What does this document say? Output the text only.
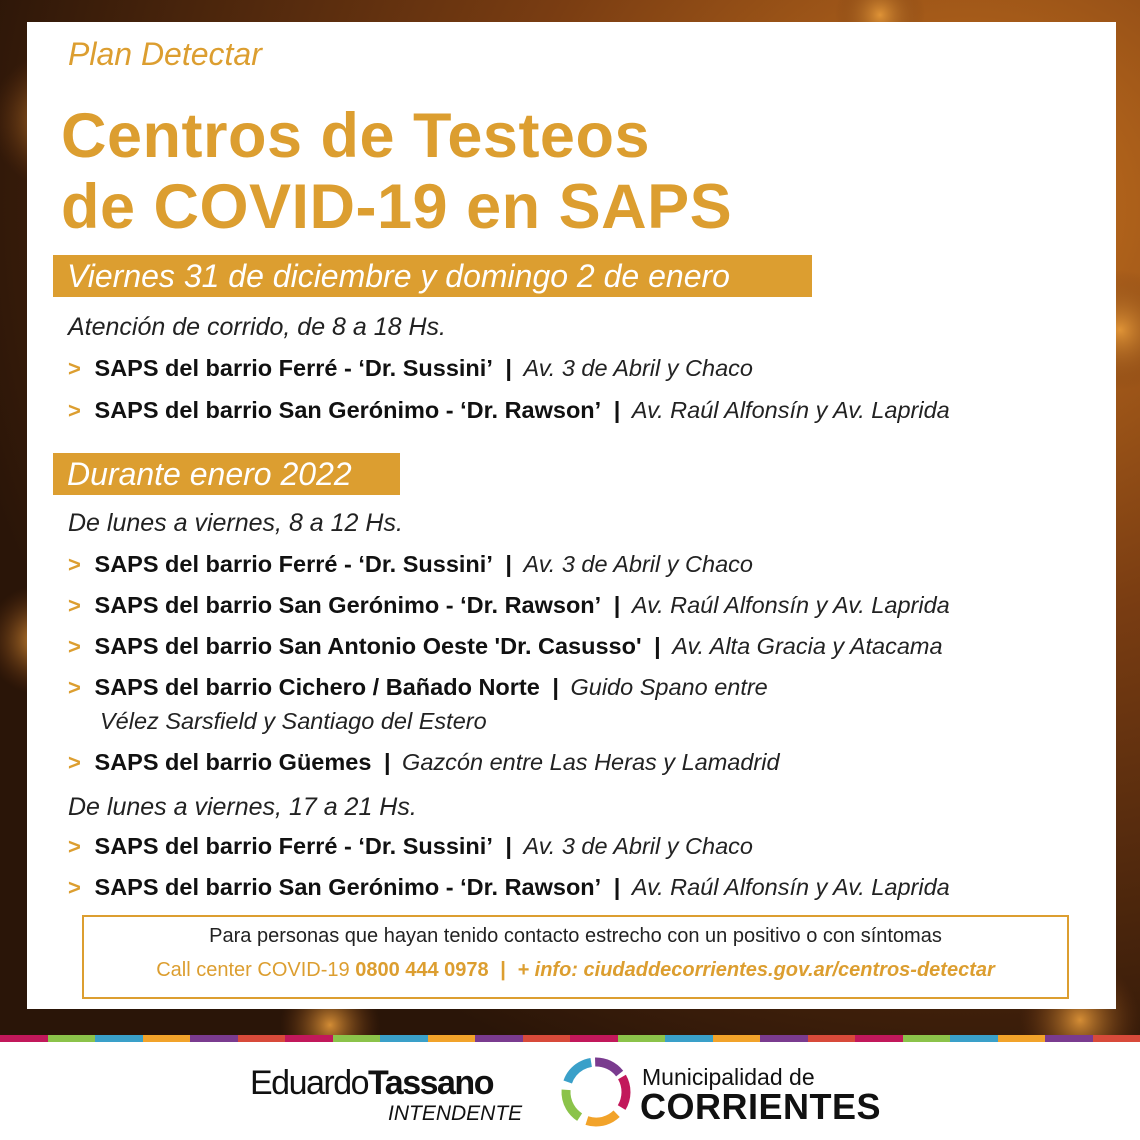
Plan Detectar
Centros de Testeos
de COVID-19 en SAPS
Viernes 31 de diciembre y domingo 2 de enero
Atención de corrido, de 8 a 18 Hs.
> SAPS del barrio Ferré - ‘Dr. Sussini’ | Av. 3 de Abril y Chaco
> SAPS del barrio San Gerónimo - ‘Dr. Rawson’ | Av. Raúl Alfonsín y Av. Laprida
Durante enero 2022
De lunes a viernes, 8 a 12 Hs.
> SAPS del barrio Ferré - ‘Dr. Sussini’ | Av. 3 de Abril y Chaco
> SAPS del barrio San Gerónimo - ‘Dr. Rawson’ | Av. Raúl Alfonsín y Av. Laprida
> SAPS del barrio San Antonio Oeste 'Dr. Casusso' | Av. Alta Gracia y Atacama
> SAPS del barrio Cichero / Bañado Norte | Guido Spano entre
Vélez Sarsfield y Santiago del Estero
> SAPS del barrio Güemes | Gazcón entre Las Heras y Lamadrid
De lunes a viernes, 17 a 21 Hs.
> SAPS del barrio Ferré - ‘Dr. Sussini’ | Av. 3 de Abril y Chaco
> SAPS del barrio San Gerónimo - ‘Dr. Rawson’ | Av. Raúl Alfonsín y Av. Laprida
Para personas que hayan tenido contacto estrecho con un positivo o con síntomas
Call center COVID-19 0800 444 0978 | + info: ciudaddecorrientes.gov.ar/centros-detectar
EduardoTassano
INTENDENTE
Municipalidad de
CORRIENTES
